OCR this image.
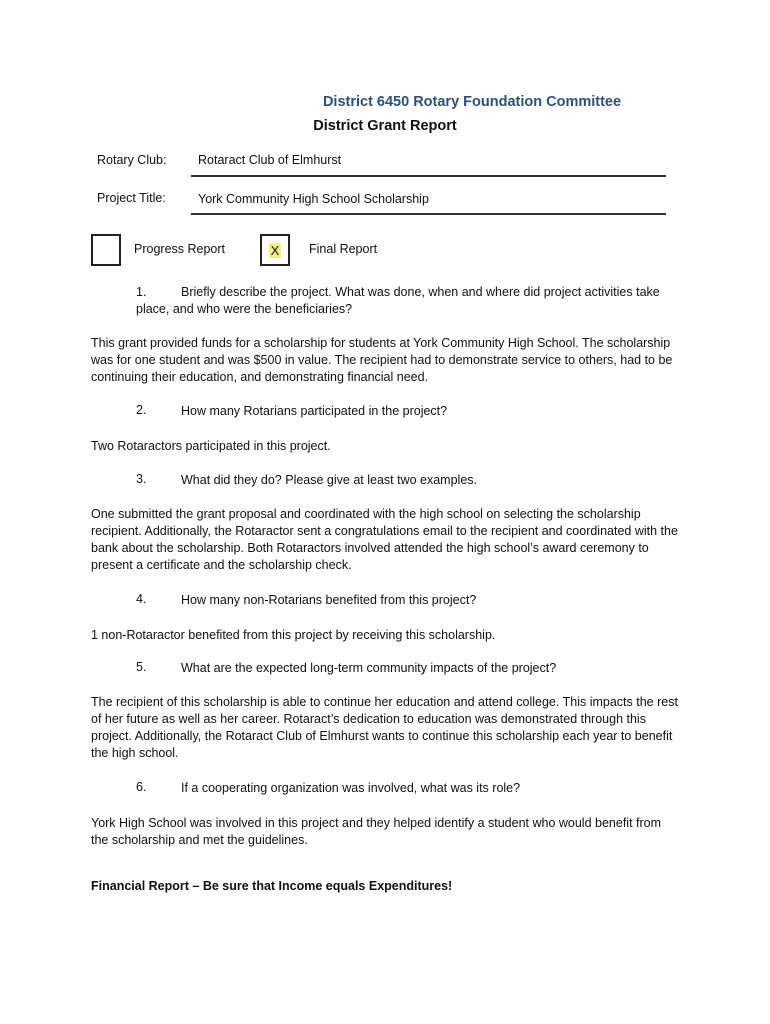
District 6450 Rotary Foundation Committee
District Grant Report
Rotary Club:	Rotaract Club of Elmhurst
Project Title:	York Community High School Scholarship
Progress Report	X Final Report
1.	Briefly describe the project. What was done, when and where did project activities take place, and who were the beneficiaries?
This grant provided funds for a scholarship for students at York Community High School. The scholarship was for one student and was $500 in value. The recipient had to demonstrate service to others, had to be continuing their education, and demonstrating financial need.
2.	How many Rotarians participated in the project?
Two Rotaractors participated in this project.
3.	What did they do? Please give at least two examples.
One submitted the grant proposal and coordinated with the high school on selecting the scholarship recipient. Additionally, the Rotaractor sent a congratulations email to the recipient and coordinated with the bank about the scholarship. Both Rotaractors involved attended the high school’s award ceremony to present a certificate and the scholarship check.
4.	How many non-Rotarians benefited from this project?
1 non-Rotaractor benefited from this project by receiving this scholarship.
5.	What are the expected long-term community impacts of the project?
The recipient of this scholarship is able to continue her education and attend college. This impacts the rest of her future as well as her career. Rotaract’s dedication to education was demonstrated through this project. Additionally, the Rotaract Club of Elmhurst wants to continue this scholarship each year to benefit the high school.
6.	If a cooperating organization was involved, what was its role?
York High School was involved in this project and they helped identify a student who would benefit from the scholarship and met the guidelines.
Financial Report – Be sure that Income equals Expenditures!
